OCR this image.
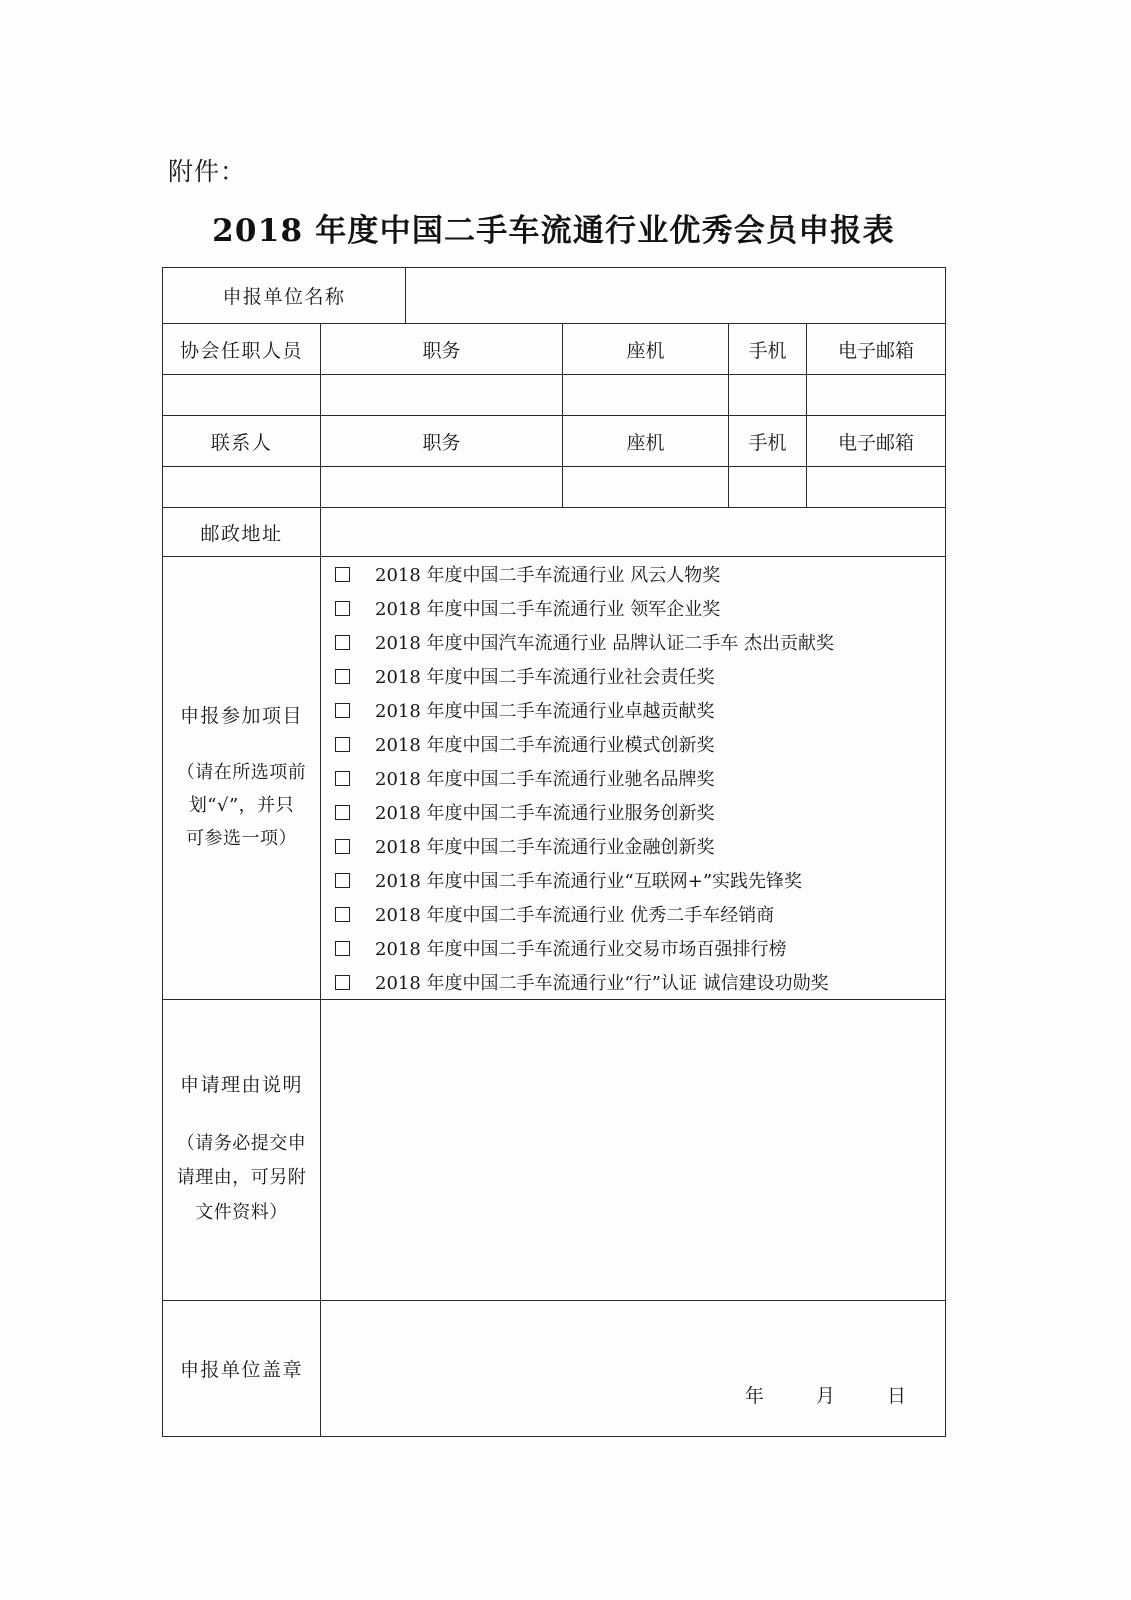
附件：
2018 年度中国二手车流通行业优秀会员申报表
申报单位名称					
协会任职人员	职务		座机	手机	电子邮箱

联系人	职务		座机	手机	电子邮箱

邮政地址					

申报参加项目
（请在所选项前
划“√”，并只
可参选一项）

2018 年度中国二手车流通行业 风云人物奖
2018 年度中国二手车流通行业 领军企业奖
2018 年度中国汽车流通行业 品牌认证二手车 杰出贡献奖
2018 年度中国二手车流通行业社会责任奖
2018 年度中国二手车流通行业卓越贡献奖
2018 年度中国二手车流通行业模式创新奖
2018 年度中国二手车流通行业驰名品牌奖
2018 年度中国二手车流通行业服务创新奖
2018 年度中国二手车流通行业金融创新奖
2018 年度中国二手车流通行业“互联网+”实践先锋奖
2018 年度中国二手车流通行业 优秀二手车经销商
2018 年度中国二手车流通行业交易市场百强排行榜
2018 年度中国二手车流通行业“行”认证 诚信建设功勋奖

申请理由说明
（请务必提交申
请理由，可另附
文件资料）					

申报单位盖章	年 月 日				
